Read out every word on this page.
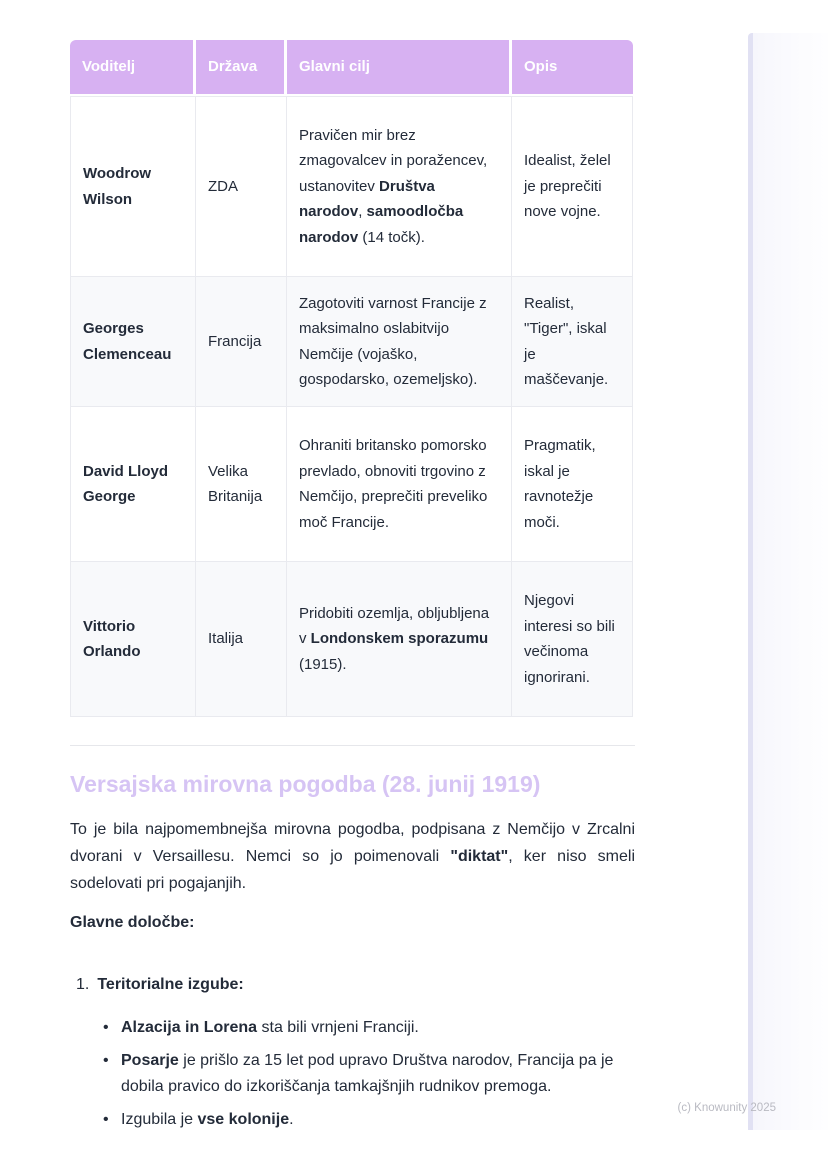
Voditelj	Država	Glavni cilj	Opis
Woodrow Wilson	ZDA	Pravičen mir brez zmagovalcev in poražencev, ustanovitev Društva narodov, samoodločba narodov (14 točk).	Idealist, želel je preprečiti nove vojne.
Georges Clemenceau	Francija	Zagotoviti varnost Francije z maksimalno oslabitvijo Nemčije (vojaško, gospodarsko, ozemeljsko).	Realist, "Tiger", iskal je maščevanje.
David Lloyd George	Velika Britanija	Ohraniti britansko pomorsko prevlado, obnoviti trgovino z Nemčijo, preprečiti preveliko moč Francije.	Pragmatik, iskal je ravnotežje moči.
Vittorio Orlando	Italija	Pridobiti ozemlja, obljubljena v Londonskem sporazumu (1915).	Njegovi interesi so bili večinoma ignorirani.
Versajska mirovna pogodba (28. junij 1919)

To je bila najpomembnejša mirovna pogodba, podpisana z Nemčijo v Zrcalni dvorani v Versaillesu. Nemci so jo poimenovali "diktat", ker niso smeli sodelovati pri pogajanjih.

Glavne določbe:

1. Teritorialne izgube:
• Alzacija in Lorena sta bili vrnjeni Franciji.
• Posarje je prišlo za 15 let pod upravo Društva narodov, Francija pa je dobila pravico do izkoriščanja tamkajšnjih rudnikov premoga.
• Izgubila je vse kolonije.
(c) Knowunity 2025
